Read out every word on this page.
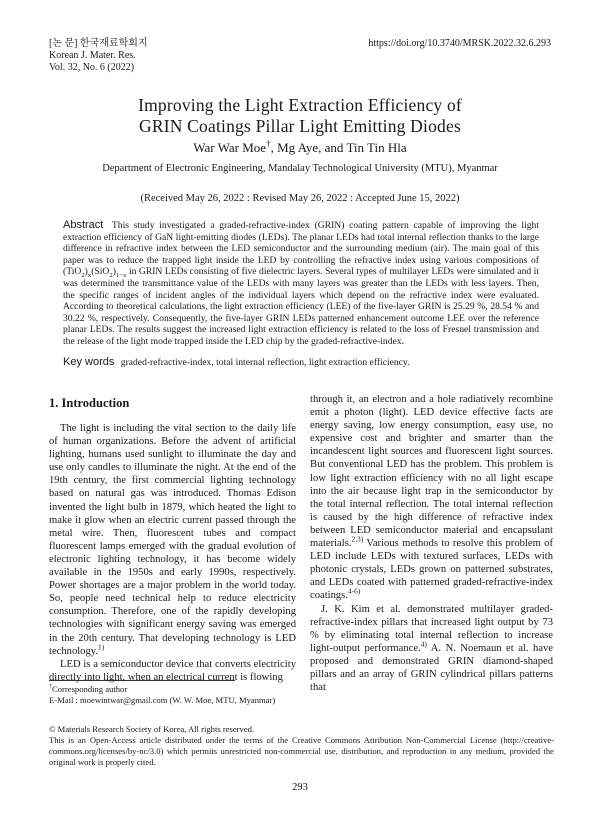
[논 문] 한국재료학회지
Korean J. Mater. Res.
Vol. 32, No. 6 (2022)
https://doi.org/10.3740/MRSK.2022.32.6.293
Improving the Light Extraction Efficiency of
GRIN Coatings Pillar Light Emitting Diodes
War War Moe†, Mg Aye, and Tin Tin Hla
Department of Electronic Engineering, Mandalay Technological University (MTU), Myanmar
(Received May 26, 2022 : Revised May 26, 2022 : Accepted June 15, 2022)
Abstract This study investigated a graded-refractive-index (GRIN) coating pattern capable of improving the light extraction efficiency of GaN light-emitting diodes (LEDs). The planar LEDs had total internal reflection thanks to the large difference in refractive index between the LED semiconductor and the surrounding medium (air). The main goal of this paper was to reduce the trapped light inside the LED by controlling the refractive index using various compositions of $(TiO_2)_x(SiO_2)_{1-x}$ in GRIN LEDs consisting of five dielectric layers. Several types of multilayer LEDs were simulated and it was determined the transmittance value of the LEDs with many layers was greater than the LEDs with less layers. Then, the specific ranges of incident angles of the individual layers which depend on the refractive index were evaluated. According to theoretical calculations, the light extraction efficiency (LEE) of the five-layer GRIN is 25.29 %, 28.54 % and 30.22 %, respectively. Consequently, the five-layer GRIN LEDs patterned enhancement outcome LEE over the reference planar LEDs. The results suggest the increased light extraction efficiency is related to the loss of Fresnel transmission and the release of the light mode trapped inside the LED chip by the graded-refractive-index.
Key words graded-refractive-index, total internal reflection, light extraction efficiency.
1. Introduction

The light is including the vital section to the daily life of human organizations. Before the advent of artificial lighting, humans used sunlight to illuminate the day and use only candles to illuminate the night. At the end of the 19th century, the first commercial lighting technology based on natural gas was introduced. Thomas Edison invented the light bulb in 1879, which heated the light to make it glow when an electric current passed through the metal wire. Then, fluorescent tubes and compact fluorescent lamps emerged with the gradual evolution of electronic lighting technology, it has become widely available in the 1950s and early 1990s, respectively. Power shortages are a major problem in the world today. So, people need technical help to reduce electricity consumption. Therefore, one of the rapidly developing technologies with significant energy saving was emerged in the 20th century. That developing technology is LED technology.$^{1)}$

LED is a semiconductor device that converts electricity directly into light, when an electrical current is flowing

through it, an electron and a hole radiatively recombine emit a photon (light). LED device effective facts are energy saving, low energy consumption, easy use, no expensive cost and brighter and smarter than the incandescent light sources and fluorescent light sources. But conventional LED has the problem. This problem is low light extraction efficiency with no all light escape into the air because light trap in the semiconductor by the total internal reflection. The total internal reflection is caused by the high difference of refractive index between LED semiconductor material and encapsulant materials.$^{2,3)}$ Various methods to resolve this problem of LED include LEDs with textured surfaces, LEDs with photonic crystals, LEDs grown on patterned substrates, and LEDs coated with patterned graded-refractive-index coatings.$^{4-6)}$

J. K. Kim et al. demonstrated multilayer graded-refractive-index pillars that increased light output by 73 % by eliminating total internal reflection to increase light-output performance.$^{4)}$ A. N. Noemaun et al. have proposed and demonstrated GRIN diamond-shaped pillars and an array of GRIN cylindrical pillars patterns that

†Corresponding author
E-Mail : moewintwar@gmail.com (W. W. Moe, MTU, Myanmar)
© Materials Research Society of Korea, All rights reserved.
This is an Open-Access article distributed under the terms of the Creative Commons Attribution Non-Commercial License (http://creative-commons.org/licenses/by-nc/3.0) which permits unrestricted non-commercial use, distribution, and reproduction in any medium, provided the original work is properly cited.
293
